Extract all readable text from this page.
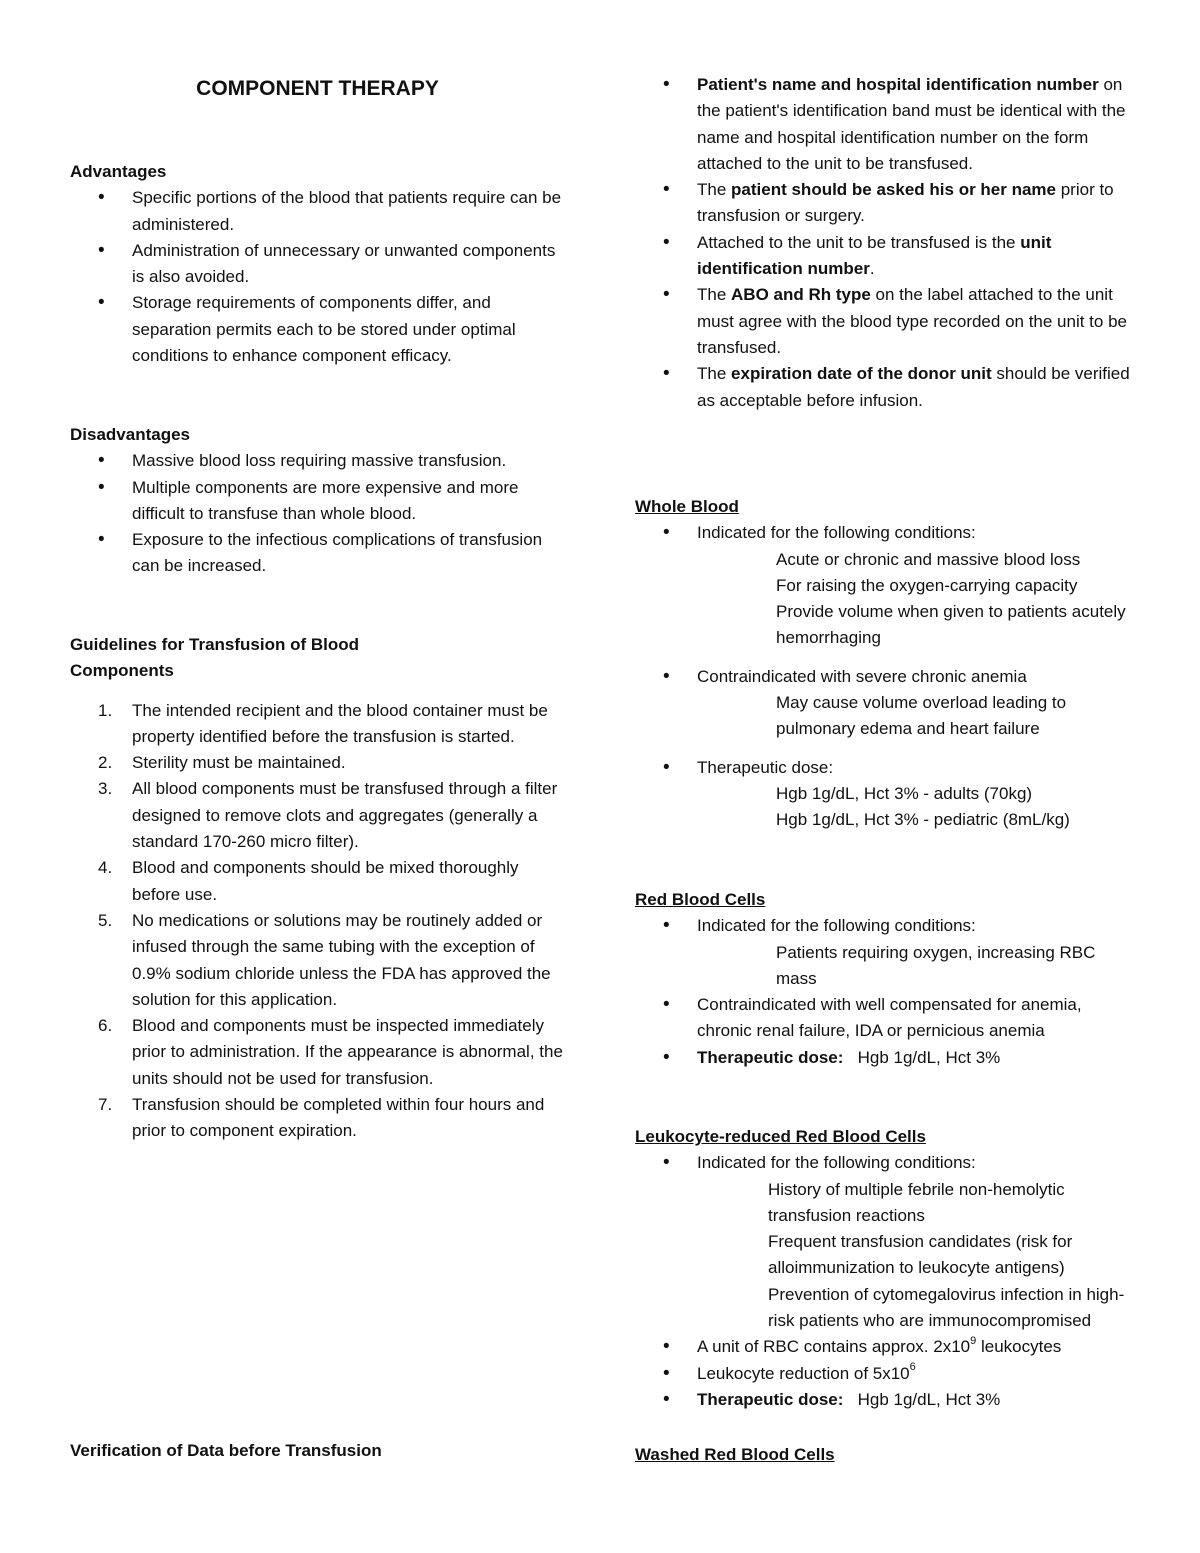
COMPONENT THERAPY
Advantages
• Specific portions of the blood that patients require can be administered.
• Administration of unnecessary or unwanted components is also avoided.
• Storage requirements of components differ, and separation permits each to be stored under optimal conditions to enhance component efficacy.
Disadvantages
• Massive blood loss requiring massive transfusion.
• Multiple components are more expensive and more difficult to transfuse than whole blood.
• Exposure to the infectious complications of transfusion can be increased.
Guidelines for Transfusion of Blood
Components
1. The intended recipient and the blood container must be property identified before the transfusion is started.
2. Sterility must be maintained.
3. All blood components must be transfused through a filter designed to remove clots and aggregates (generally a standard 170-260 micro filter).
4. Blood and components should be mixed thoroughly before use.
5. No medications or solutions may be routinely added or infused through the same tubing with the exception of 0.9% sodium chloride unless the FDA has approved the solution for this application.
6. Blood and components must be inspected immediately prior to administration. If the appearance is abnormal, the units should not be used for transfusion.
7. Transfusion should be completed within four hours and prior to component expiration.
Verification of Data before Transfusion
• Patient's name and hospital identification number on the patient's identification band must be identical with the name and hospital identification number on the form attached to the unit to be transfused.
• The patient should be asked his or her name prior to transfusion or surgery.
• Attached to the unit to be transfused is the unit identification number.
• The ABO and Rh type on the label attached to the unit must agree with the blood type recorded on the unit to be transfused.
• The expiration date of the donor unit should be verified as acceptable before infusion.
Whole Blood
• Indicated for the following conditions:
Acute or chronic and massive blood loss
For raising the oxygen-carrying capacity
Provide volume when given to patients acutely hemorrhaging
• Contraindicated with severe chronic anemia
May cause volume overload leading to pulmonary edema and heart failure
• Therapeutic dose:
Hgb 1g/dL, Hct 3% - adults (70kg)
Hgb 1g/dL, Hct 3% - pediatric (8mL/kg)
Red Blood Cells
• Indicated for the following conditions:
Patients requiring oxygen, increasing RBC mass
• Contraindicated with well compensated for anemia, chronic renal failure, IDA or pernicious anemia
• Therapeutic dose: Hgb 1g/dL, Hct 3%
Leukocyte-reduced Red Blood Cells
• Indicated for the following conditions:
History of multiple febrile non-hemolytic transfusion reactions
Frequent transfusion candidates (risk for alloimmunization to leukocyte antigens)
Prevention of cytomegalovirus infection in high- risk patients who are immunocompromised
• A unit of RBC contains approx. $2x10^9$ leukocytes
• Leukocyte reduction of $5x10^6$
• Therapeutic dose: Hgb 1g/dL, Hct 3%
Washed Red Blood Cells
